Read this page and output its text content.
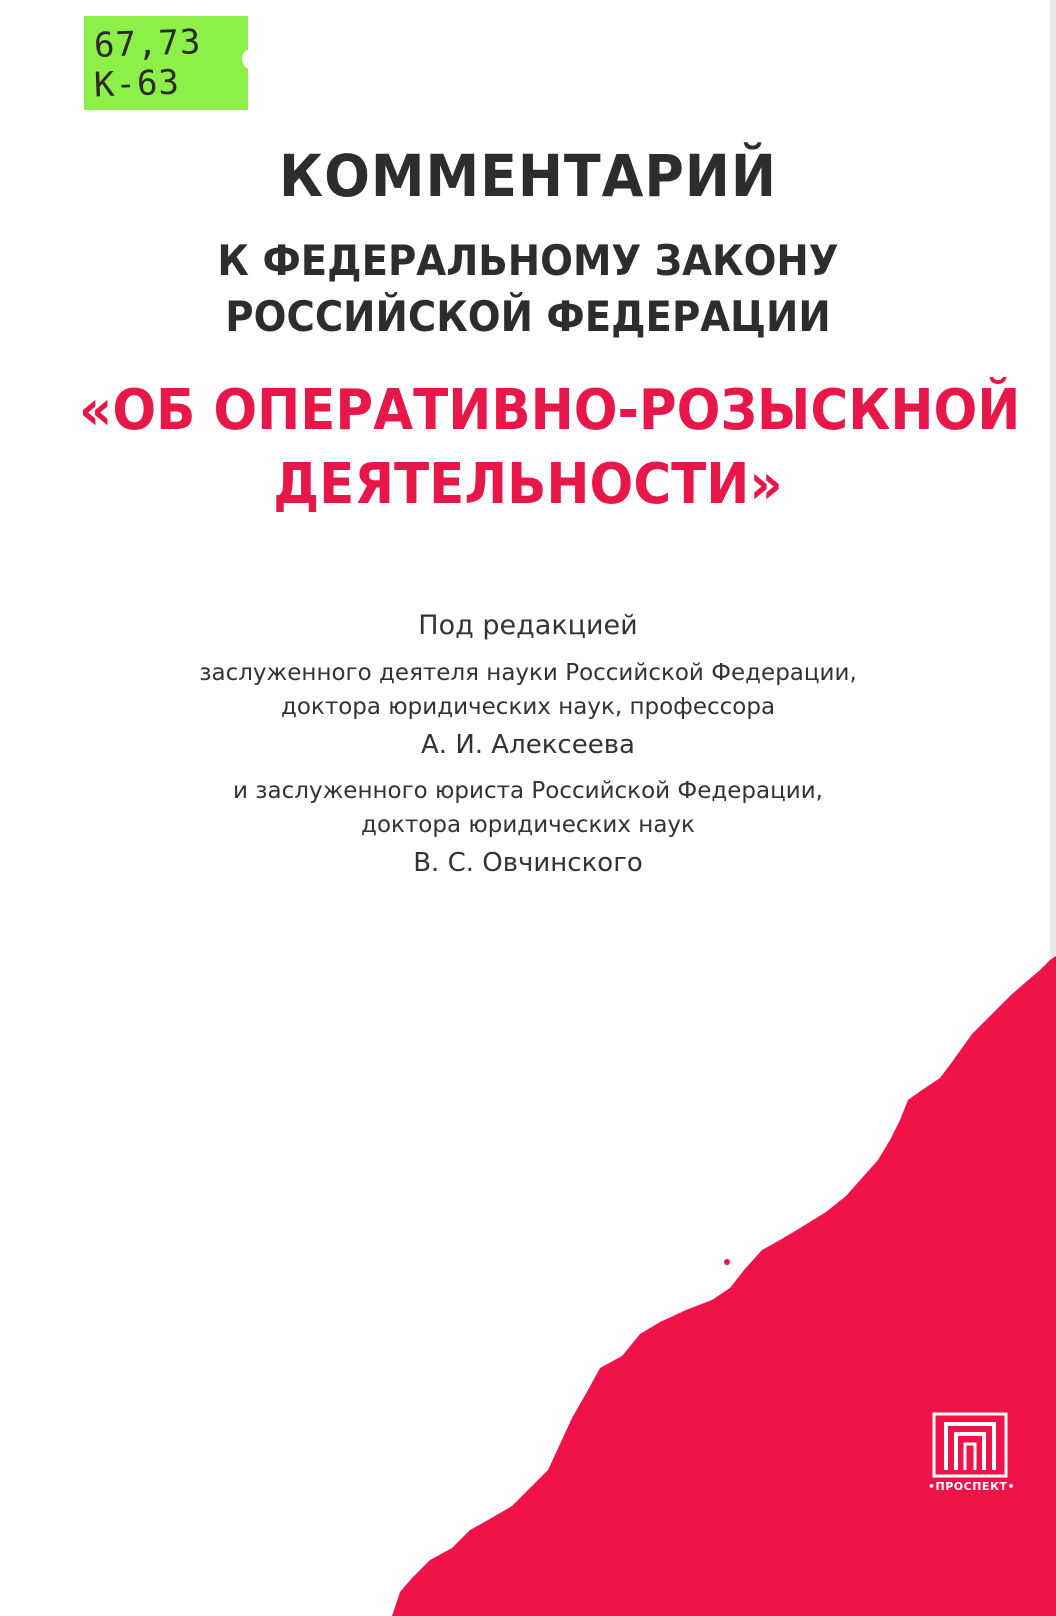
67,73
K-63
КОММЕНТАРИЙ
К ФЕДЕРАЛЬНОМУ ЗАКОНУ
РОССИЙСКОЙ ФЕДЕРАЦИИ
«ОБ ОПЕРАТИВНО-РОЗЫСКНОЙ
ДЕЯТЕЛЬНОСТИ»
Под редакцией
заслуженного деятеля науки Российской Федерации,
доктора юридических наук, профессора
А. И. Алексеева
и заслуженного юриста Российской Федерации,
доктора юридических наук
В. С. Овчинского
•ПРОСПЕКТ•
